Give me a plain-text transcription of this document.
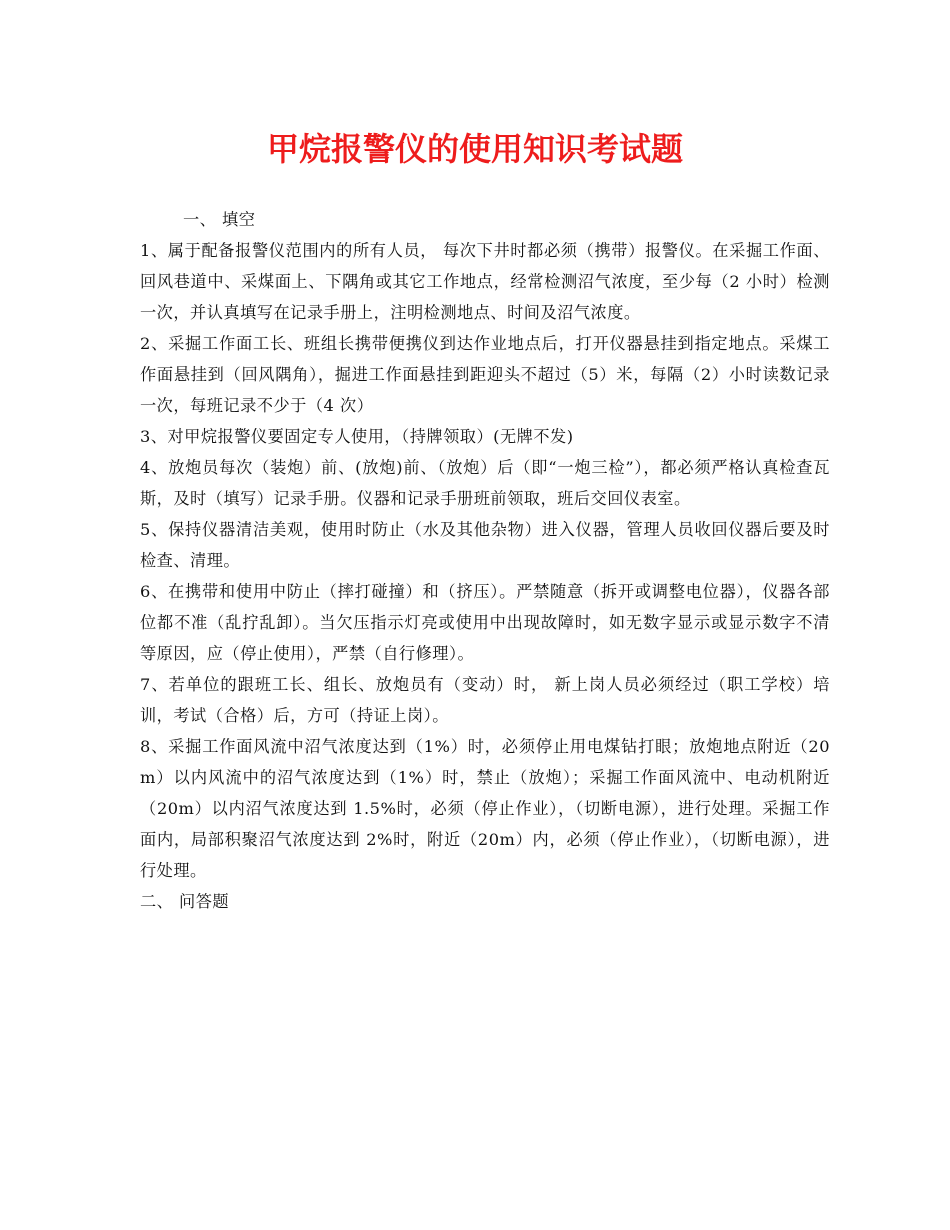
甲烷报警仪的使用知识考试题

一、 填空

1、属于配备报警仪范围内的所有人员， 每次下井时都必须（携带）报警仪。在采掘工作面、回风巷道中、采煤面上、下隅角或其它工作地点，经常检测沼气浓度，至少每（2 小时）检测一次，并认真填写在记录手册上，注明检测地点、时间及沼气浓度。

2、采掘工作面工长、班组长携带便携仪到达作业地点后，打开仪器悬挂到指定地点。采煤工作面悬挂到（回风隅角），掘进工作面悬挂到距迎头不超过（5）米，每隔（2）小时读数记录一次，每班记录不少于（4 次）

3、对甲烷报警仪要固定专人使用，（持牌领取）(无牌不发)

4、放炮员每次（装炮）前、(放炮)前、（放炮）后（即“一炮三检”），都必须严格认真检查瓦斯，及时（填写）记录手册。仪器和记录手册班前领取，班后交回仪表室。

5、保持仪器清洁美观，使用时防止（水及其他杂物）进入仪器，管理人员收回仪器后要及时检查、清理。

6、在携带和使用中防止（摔打碰撞）和（挤压）。严禁随意（拆开或调整电位器），仪器各部位都不准（乱拧乱卸）。当欠压指示灯亮或使用中出现故障时，如无数字显示或显示数字不清等原因，应（停止使用），严禁（自行修理）。

7、若单位的跟班工长、组长、放炮员有（变动）时， 新上岗人员必须经过（职工学校）培训，考试（合格）后，方可（持证上岗）。

8、采掘工作面风流中沼气浓度达到（1%）时，必须停止用电煤钻打眼；放炮地点附近（20m）以内风流中的沼气浓度达到（1%）时，禁止（放炮）；采掘工作面风流中、电动机附近（20m）以内沼气浓度达到 1.5%时，必须（停止作业），（切断电源），进行处理。采掘工作面内，局部积聚沼气浓度达到 2%时，附近（20m）内，必须（停止作业），（切断电源），进行处理。

二、 问答题
